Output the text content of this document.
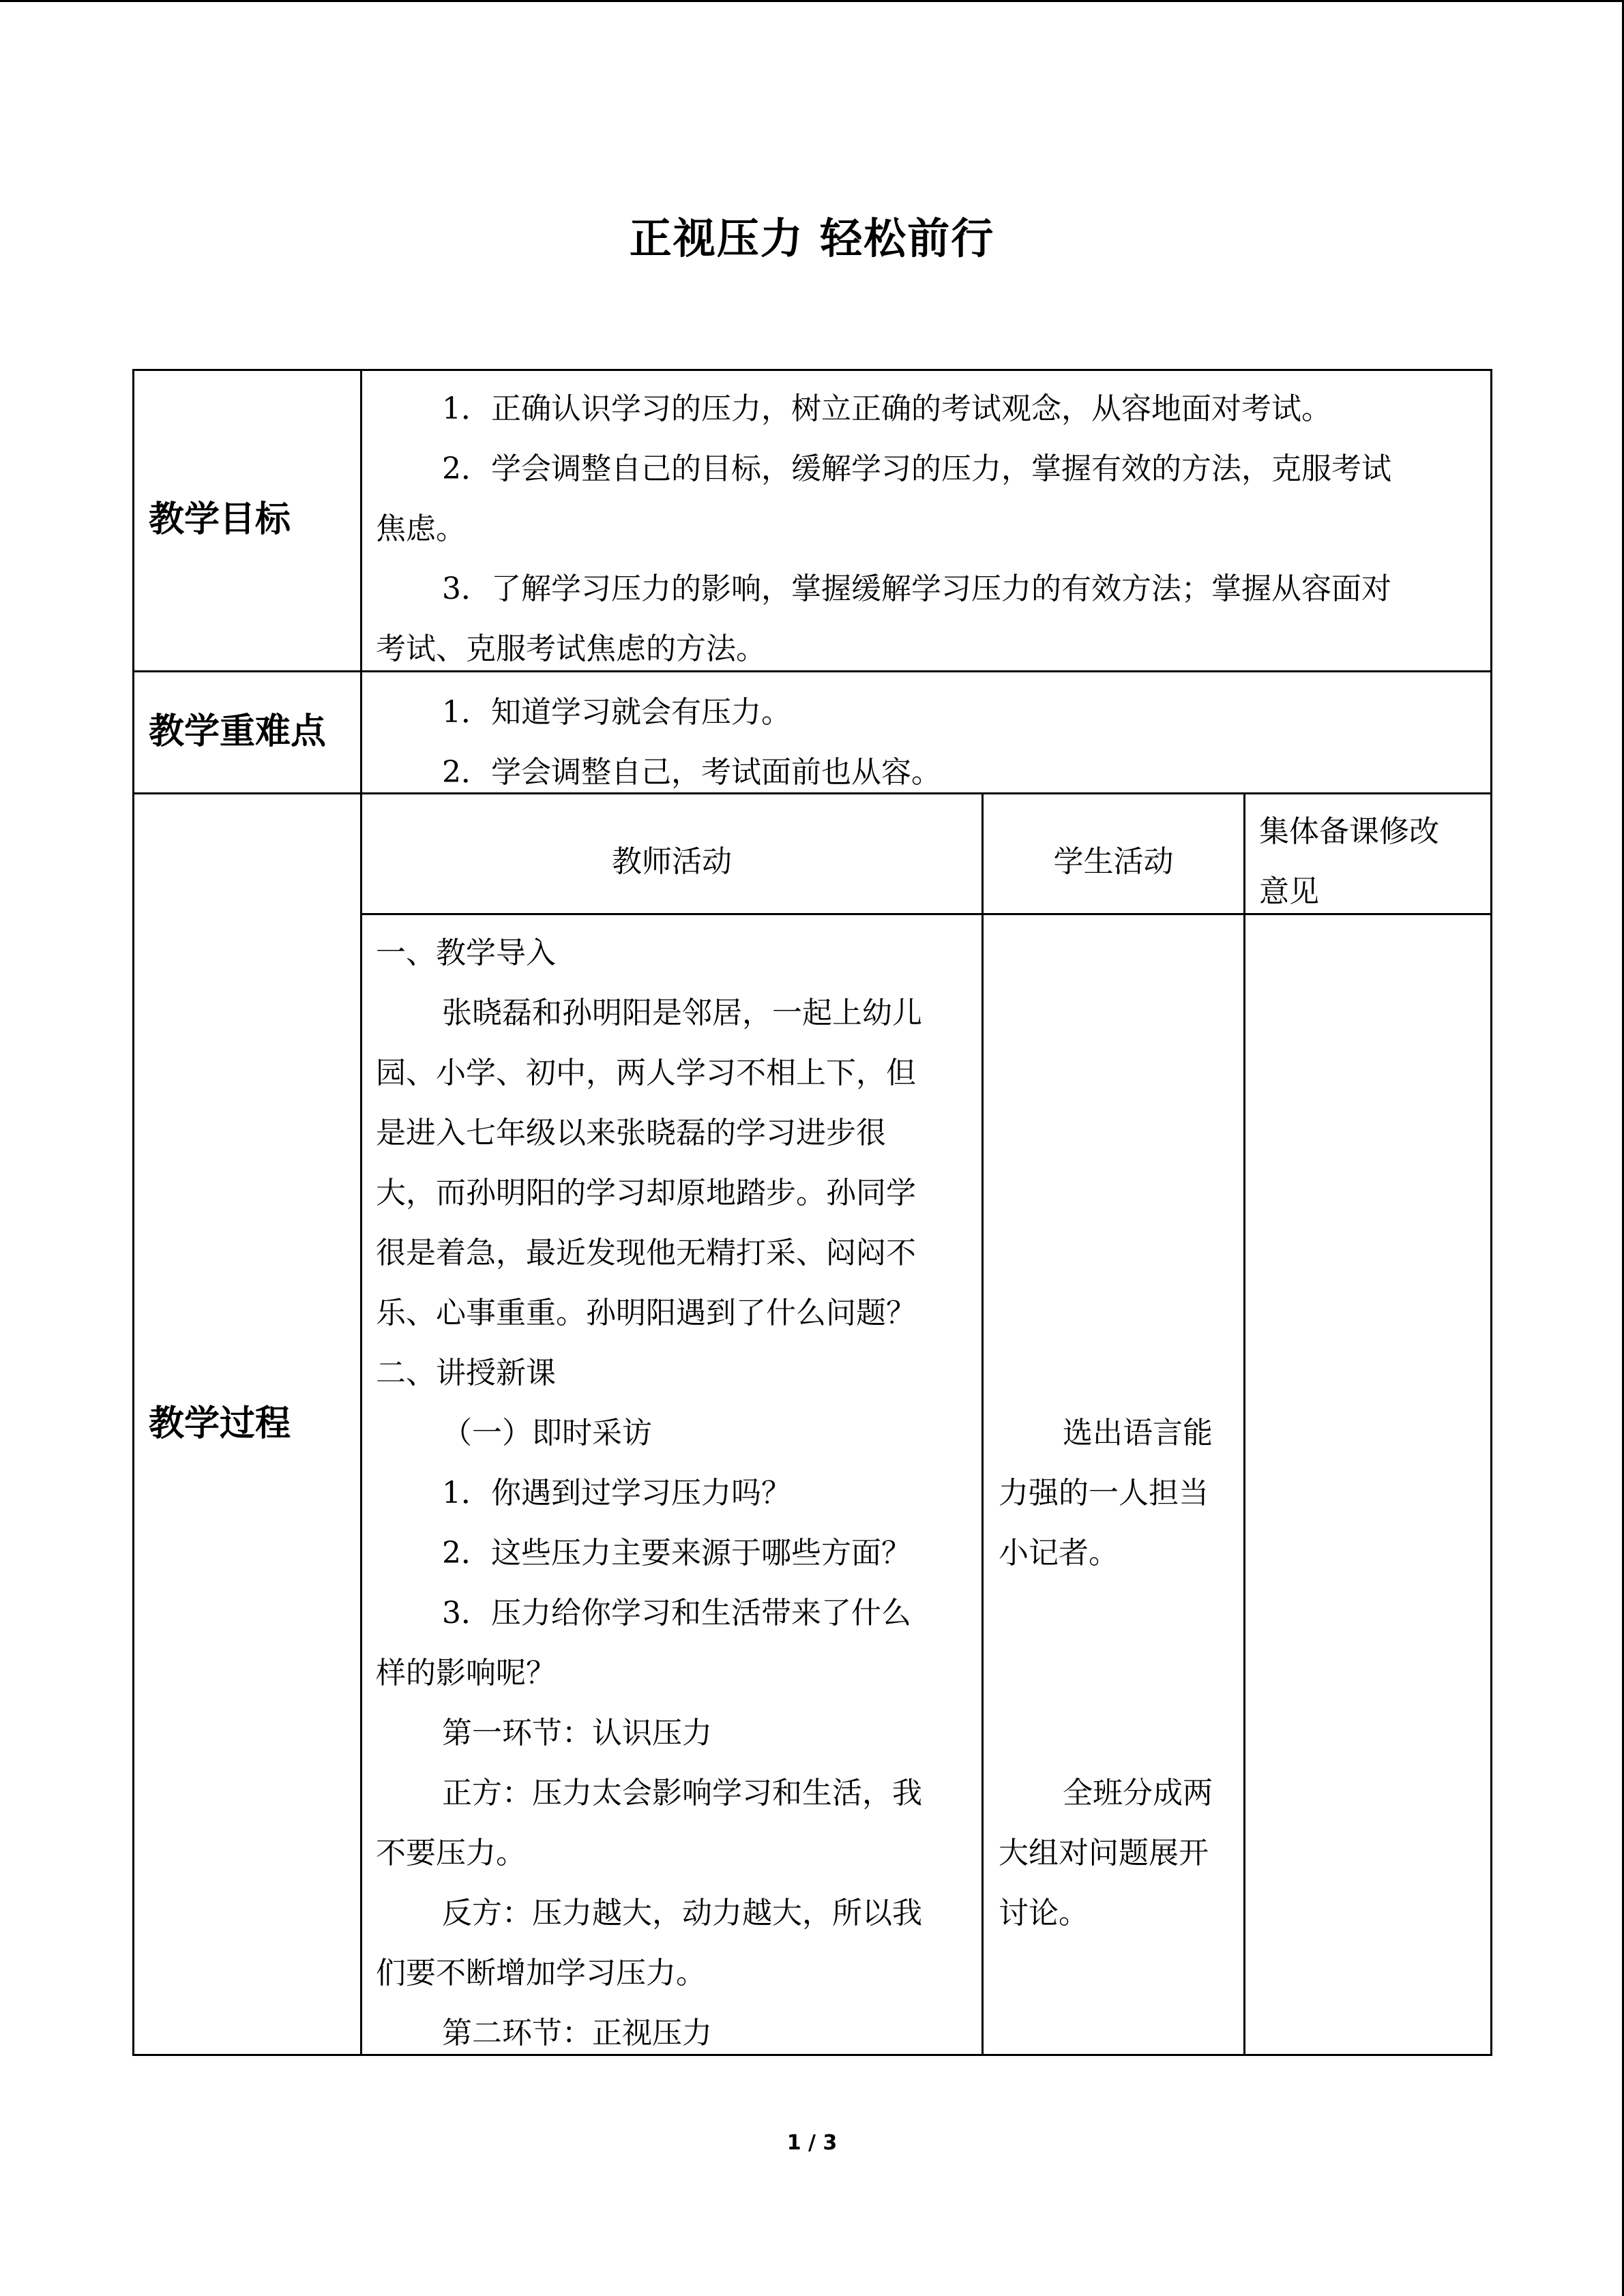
正视压力 轻松前行
教学目标
1．正确认识学习的压力，树立正确的考试观念，从容地面对考试。
2．学会调整自己的目标，缓解学习的压力，掌握有效的方法，克服考试
焦虑。
3．了解学习压力的影响，掌握缓解学习压力的有效方法；掌握从容面对
考试、克服考试焦虑的方法。
教学重难点	1．知道学习就会有压力。
2．学会调整自己，考试面前也从容。
教学过程
教师活动	学生活动
集体备课修改
意见
一、教学导入
张晓磊和孙明阳是邻居，一起上幼儿
园、小学、初中，两人学习不相上下，但
是进入七年级以来张晓磊的学习进步很
大，而孙明阳的学习却原地踏步。孙同学
很是着急，最近发现他无精打采、闷闷不
乐、心事重重。孙明阳遇到了什么问题？
二、讲授新课
（一）即时采访
1．你遇到过学习压力吗？
2．这些压力主要来源于哪些方面？
3．压力给你学习和生活带来了什么
样的影响呢？
第一环节：认识压力
正方：压力太会影响学习和生活，我
不要压力。
反方：压力越大，动力越大，所以我
们要不断增加学习压力。
第二环节：正视压力
选出语言能
力强的一人担当
小记者。
全班分成两
大组对问题展开
讨论。
1 / 3
